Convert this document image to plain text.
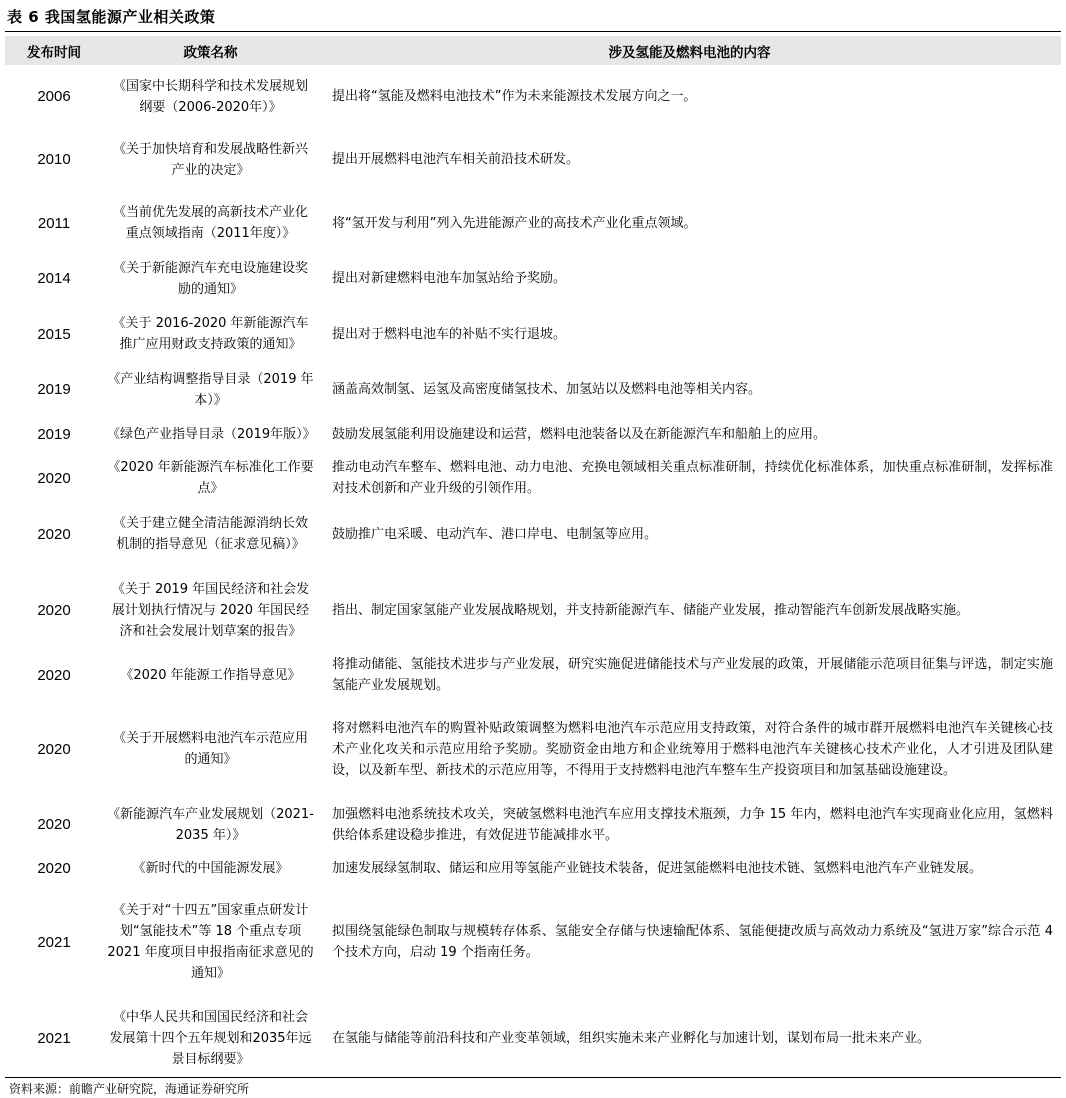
表 6 我国氢能源产业相关政策
发布时间	政策名称	涉及氢能及燃料电池的内容
2006	《国家中长期科学和技术发展规划纲要（2006-2020年）》	提出将“氢能及燃料电池技术”作为未来能源技术发展方向之一。
2010	《关于加快培育和发展战略性新兴产业的决定》	提出开展燃料电池汽车相关前沿技术研发。
2011	《当前优先发展的高新技术产业化重点领域指南（2011年度）》	将“氢开发与利用”列入先进能源产业的高技术产业化重点领域。
2014	《关于新能源汽车充电设施建设奖励的通知》	提出对新建燃料电池车加氢站给予奖励。
2015	《关于 2016-2020 年新能源汽车推广应用财政支持政策的通知》	提出对于燃料电池车的补贴不实行退坡。
2019	《产业结构调整指导目录（2019 年本）》	涵盖高效制氢、运氢及高密度储氢技术、加氢站以及燃料电池等相关内容。
2019	《绿色产业指导目录（2019年版）》	鼓励发展氢能利用设施建设和运营，燃料电池装备以及在新能源汽车和船舶上的应用。
2020	《2020 年新能源汽车标准化工作要点》	推动电动汽车整车、燃料电池、动力电池、充换电领域相关重点标准研制，持续优化标准体系，加快重点标准研制，发挥标准对技术创新和产业升级的引领作用。
2020	《关于建立健全清洁能源消纳长效机制的指导意见（征求意见稿）》	鼓励推广电采暖、电动汽车、港口岸电、电制氢等应用。
2020	《关于 2019 年国民经济和社会发展计划执行情况与 2020 年国民经济和社会发展计划草案的报告》	指出、制定国家氢能产业发展战略规划，并支持新能源汽车、储能产业发展，推动智能汽车创新发展战略实施。
2020	《2020 年能源工作指导意见》	将推动储能、氢能技术进步与产业发展，研究实施促进储能技术与产业发展的政策，开展储能示范项目征集与评选，制定实施氢能产业发展规划。
2020	《关于开展燃料电池汽车示范应用的通知》	将对燃料电池汽车的购置补贴政策调整为燃料电池汽车示范应用支持政策，对符合条件的城市群开展燃料电池汽车关键核心技术产业化攻关和示范应用给予奖励。奖励资金由地方和企业统筹用于燃料电池汽车关键核心技术产业化，人才引进及团队建设，以及新车型、新技术的示范应用等，不得用于支持燃料电池汽车整车生产投资项目和加氢基础设施建设。
2020	《新能源汽车产业发展规划（2021-2035 年）》	加强燃料电池系统技术攻关，突破氢燃料电池汽车应用支撑技术瓶颈，力争 15 年内，燃料电池汽车实现商业化应用，氢燃料供给体系建设稳步推进，有效促进节能减排水平。
2020	《新时代的中国能源发展》	加速发展绿氢制取、储运和应用等氢能产业链技术装备，促进氢能燃料电池技术链、氢燃料电池汽车产业链发展。
2021	《关于对“十四五”国家重点研发计划“氢能技术”等 18 个重点专项 2021 年度项目申报指南征求意见的通知》	拟围绕氢能绿色制取与规模转存体系、氢能安全存储与快速输配体系、氢能便捷改质与高效动力系统及“氢进万家”综合示范 4 个技术方向，启动 19 个指南任务。
2021	《中华人民共和国国民经济和社会发展第十四个五年规划和2035年远景目标纲要》	在氢能与储能等前沿科技和产业变革领域，组织实施未来产业孵化与加速计划，谋划布局一批未来产业。
资料来源：前瞻产业研究院，海通证券研究所
